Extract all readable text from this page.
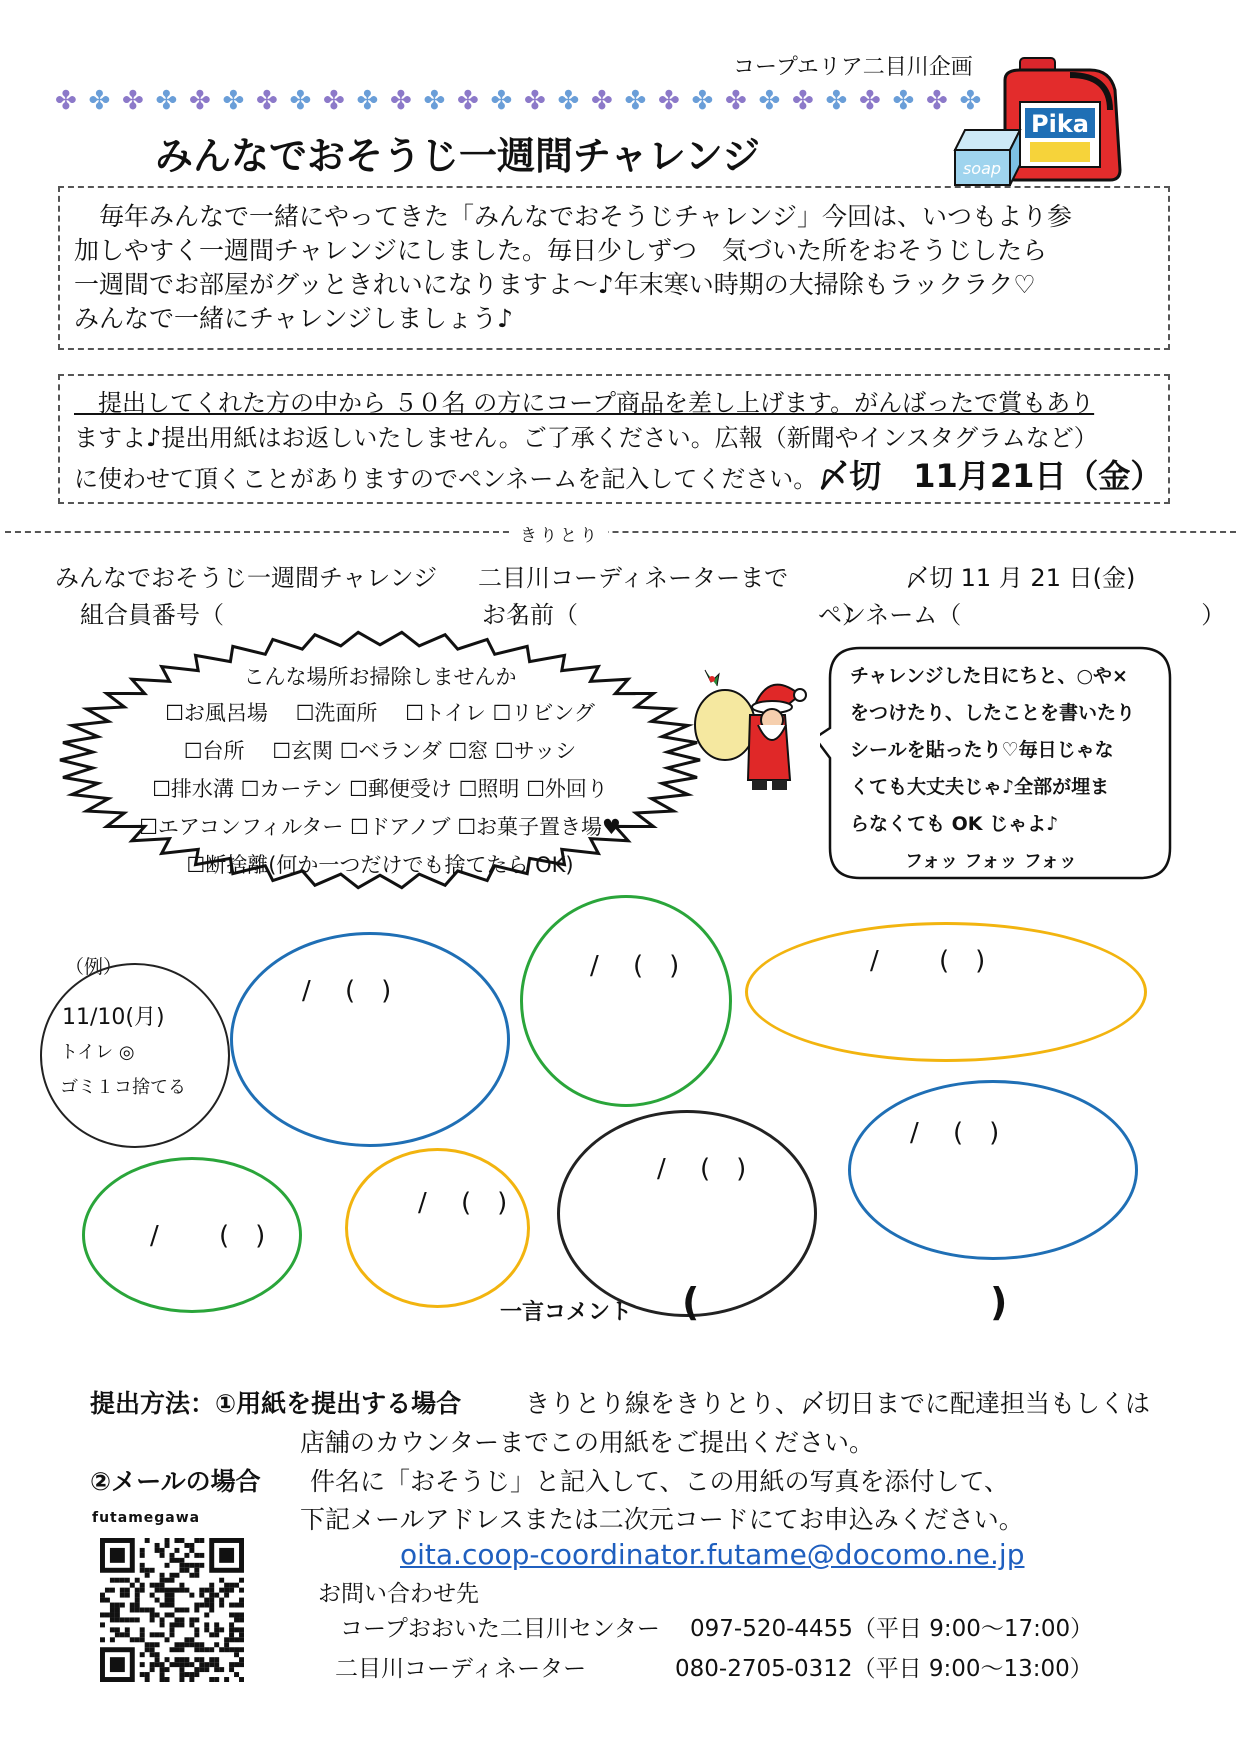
コープエリア二目川企画
✤ ✤ ✤ ✤ ✤ ✤ ✤ ✤ ✤ ✤ ✤ ✤ ✤ ✤ ✤ ✤ ✤ ✤ ✤ ✤ ✤ ✤ ✤ ✤ ✤ ✤ ✤ ✤
みんなでおそうじ一週間チャレンジ
Pika
soap
　毎年みんなで一緒にやってきた「みんなでおそうじチャレンジ」今回は、いつもより参
加しやすく一週間チャレンジにしました。毎日少しずつ　気づいた所をおそうじしたら
一週間でお部屋がグッときれいになりますよ～♪年末寒い時期の大掃除もラックラク♡
みんなで一緒にチャレンジしましょう♪
　提出してくれた方の中から ５０名 の方にコープ商品を差し上げます。がんばったで賞もあり
ますよ♪提出用紙はお返しいたしません。ご了承ください。広報（新聞やインスタグラムなど）
に使わせて頂くことがありますのでペンネームを記入してください。〆切　11月21日（金）
きりとり
みんなでおそうじ一週間チャレンジ 二目川コーディネーターまで	〆切 11 月 21 日(金)
組合員番号（　　　　　　　　　　　　）
お名前（　　　　　　　　　　　）
ペンネーム（　　　　　　　　　　）
こんな場所お掃除しませんか
☐お風呂場　 ☐洗面所　 ☐トイレ ☐リビング
☐台所　 ☐玄関 ☐ベランダ ☐窓 ☐サッシ
☐排水溝 ☐カーテン ☐郵便受け ☐照明 ☐外回り
☐エアコンフィルター ☐ドアノブ ☐お菓子置き場♥
☐断捨離(何か一つだけでも捨てたら OK)
チャレンジした日にちと、○や×
をつけたり、したことを書いたり
シールを貼ったり♡毎日じゃな
くても大丈夫じゃ♪全部が埋ま
らなくても OK じゃよ♪
フォッ フォッ フォッ
（例）
11/10(月)
トイレ ◎
ゴミ１コ捨てる
/　 (　)
/　 (　)	/　　 (　)
/　 (　)
/　 (　)
/　 (　)
/　　 (　)
一言コメント (	)
提出方法：①用紙を提出する場合	きりとり線をきりとり、〆切日までに配達担当もしくは
店舗のカウンターまでこの用紙をご提出ください。
②メールの場合 件名に「おそうじ」と記入して、この用紙の写真を添付して、
下記メールアドレスまたは二次元コードにてお申込みください。
futamegawa
oita.coop-coordinator.futame@docomo.ne.jp
お問い合わせ先
コープおおいた二目川センター 097-520-4455（平日 9:00～17:00）
二目川コーディネーター	080-2705-0312（平日 9:00～13:00）
